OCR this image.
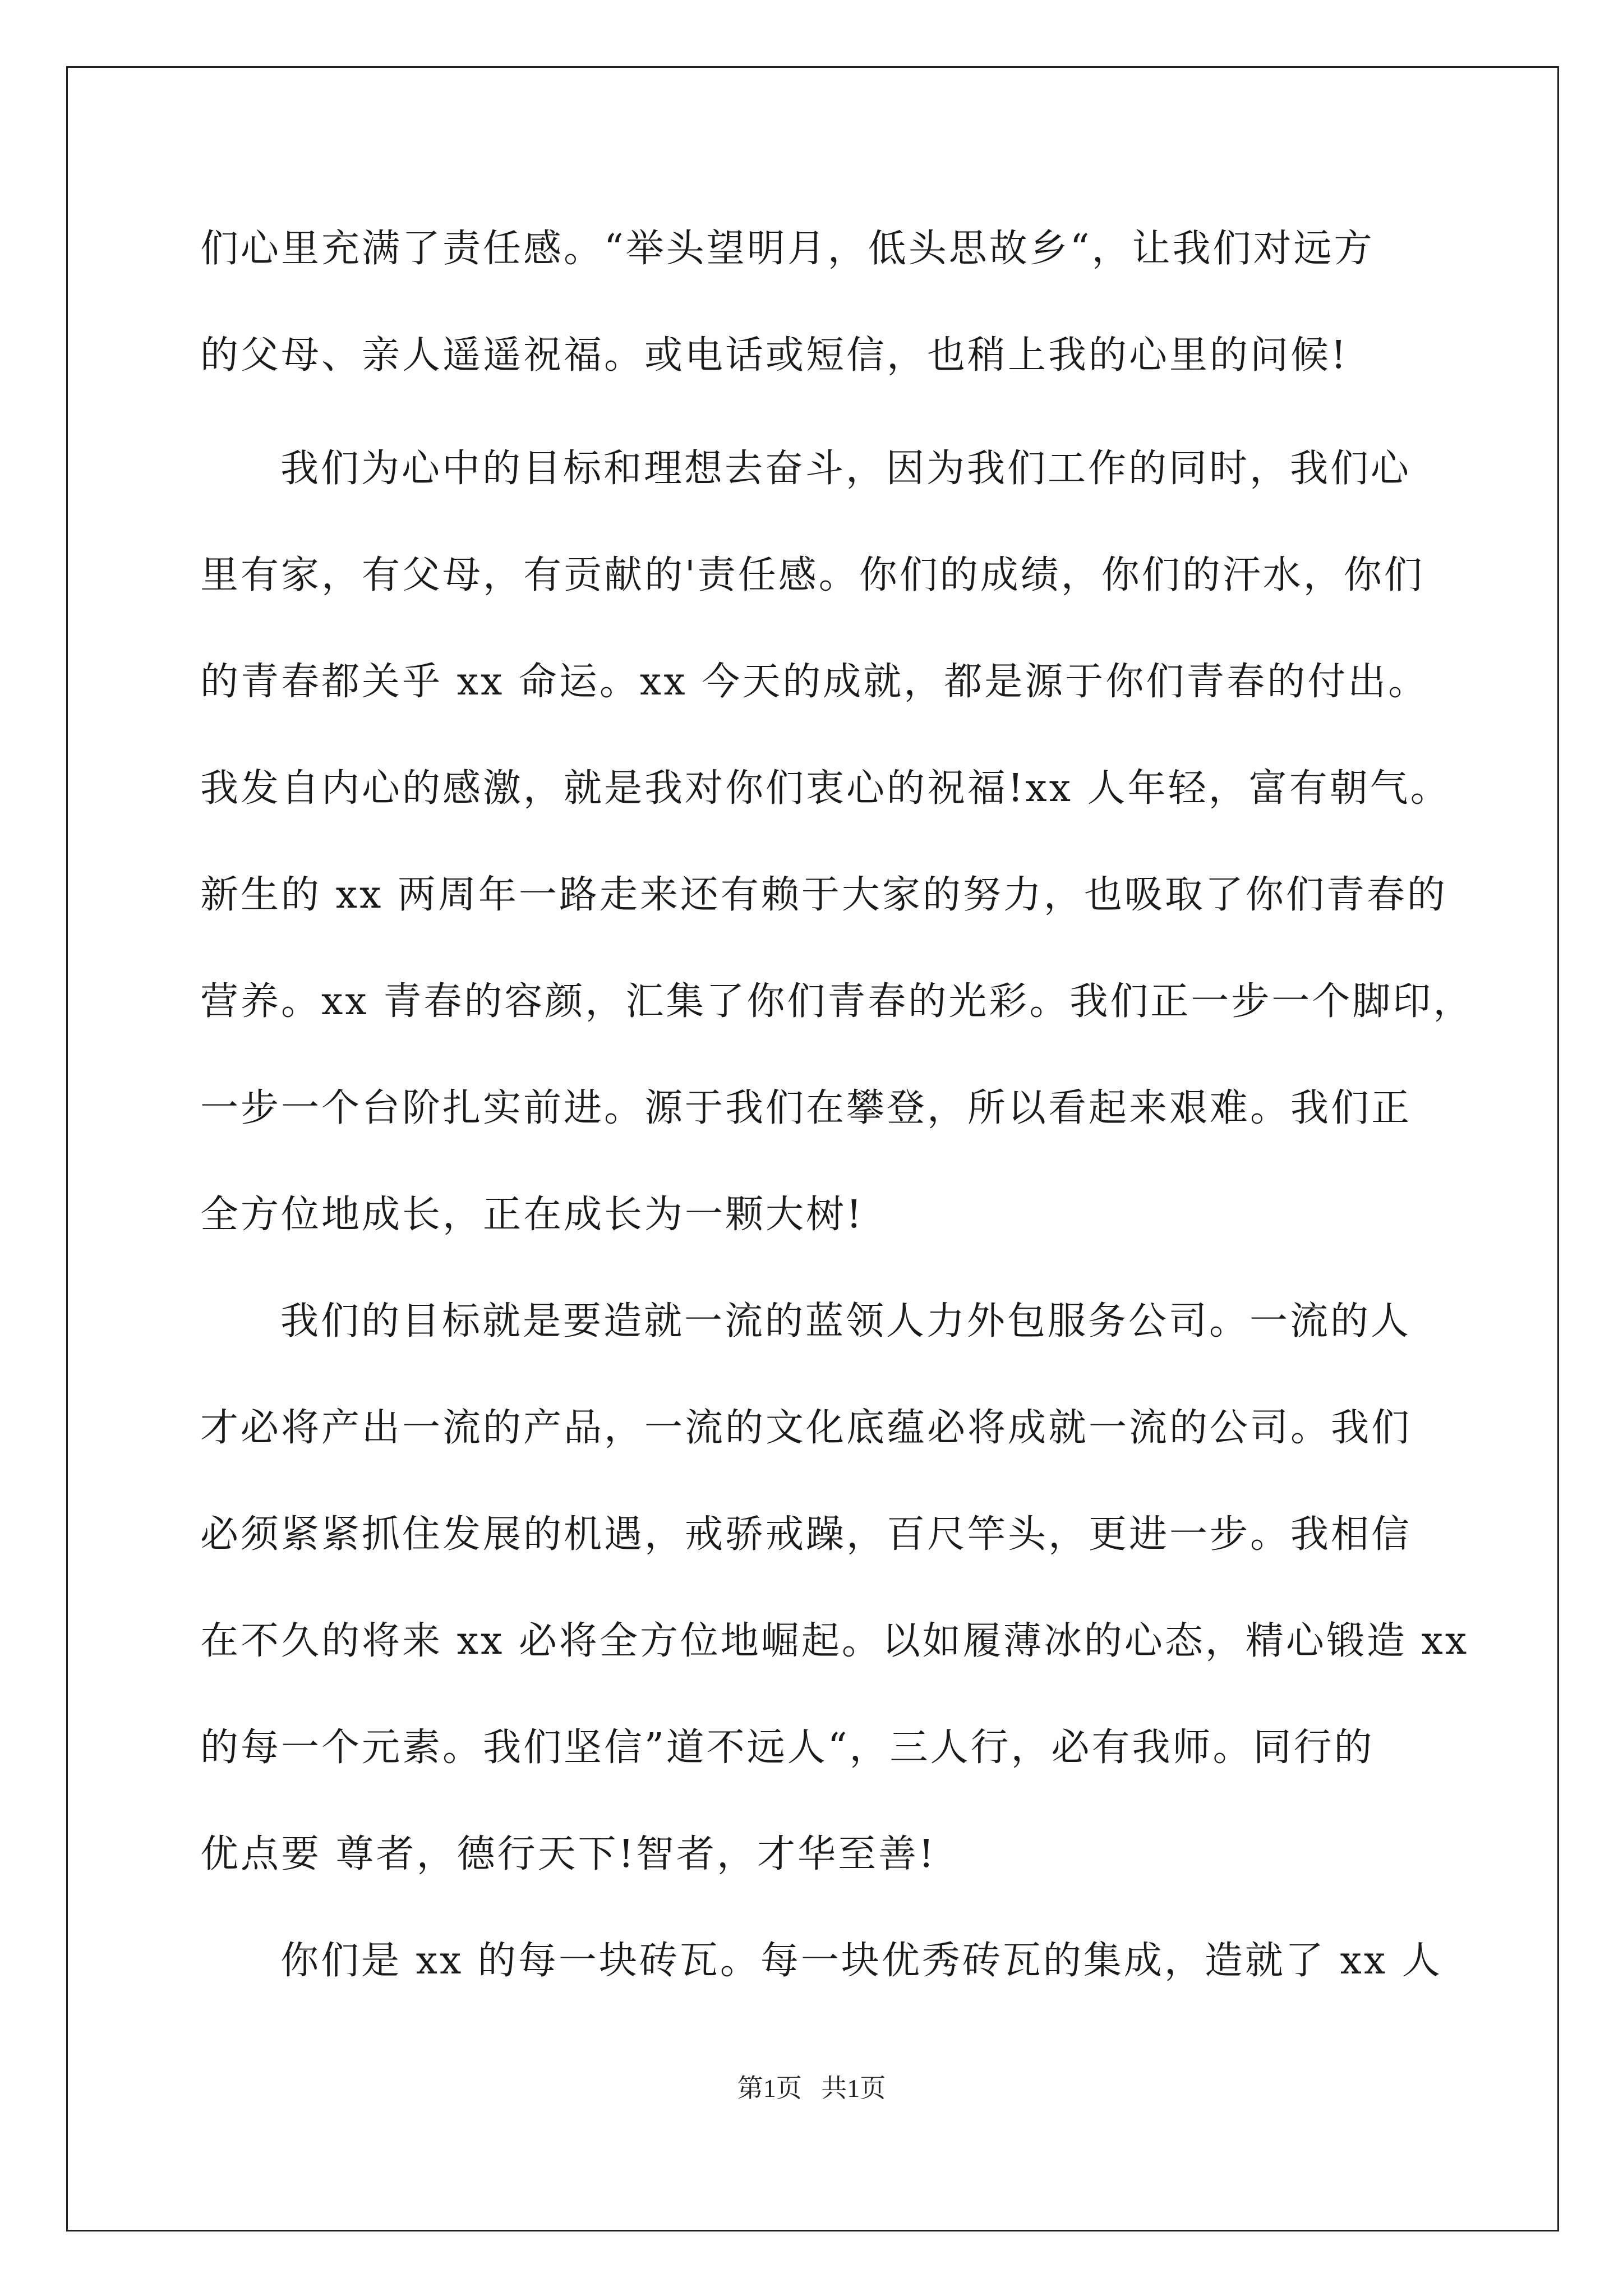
们心里充满了责任感。“举头望明月，低头思故乡“，让我们对远方
的父母、亲人遥遥祝福。或电话或短信，也稍上我的心里的问候!
我们为心中的目标和理想去奋斗，因为我们工作的同时，我们心
里有家，有父母，有贡献的'责任感。你们的成绩，你们的汗水，你们
的青春都关乎 xx 命运。xx 今天的成就，都是源于你们青春的付出。
我发自内心的感激，就是我对你们衷心的祝福!xx 人年轻，富有朝气。
新生的 xx 两周年一路走来还有赖于大家的努力，也吸取了你们青春的
营养。xx 青春的容颜，汇集了你们青春的光彩。我们正一步一个脚印，
一步一个台阶扎实前进。源于我们在攀登，所以看起来艰难。我们正
全方位地成长，正在成长为一颗大树!
我们的目标就是要造就一流的蓝领人力外包服务公司。一流的人
才必将产出一流的产品，一流的文化底蕴必将成就一流的公司。我们
必须紧紧抓住发展的机遇，戒骄戒躁，百尺竿头，更进一步。我相信
在不久的将来 xx 必将全方位地崛起。以如履薄冰的心态，精心锻造 xx
的每一个元素。我们坚信”道不远人“，三人行，必有我师。同行的
优点要 尊者，德行天下!智者，才华至善!
你们是 xx 的每一块砖瓦。每一块优秀砖瓦的集成，造就了 xx 人
第1页   共1页
